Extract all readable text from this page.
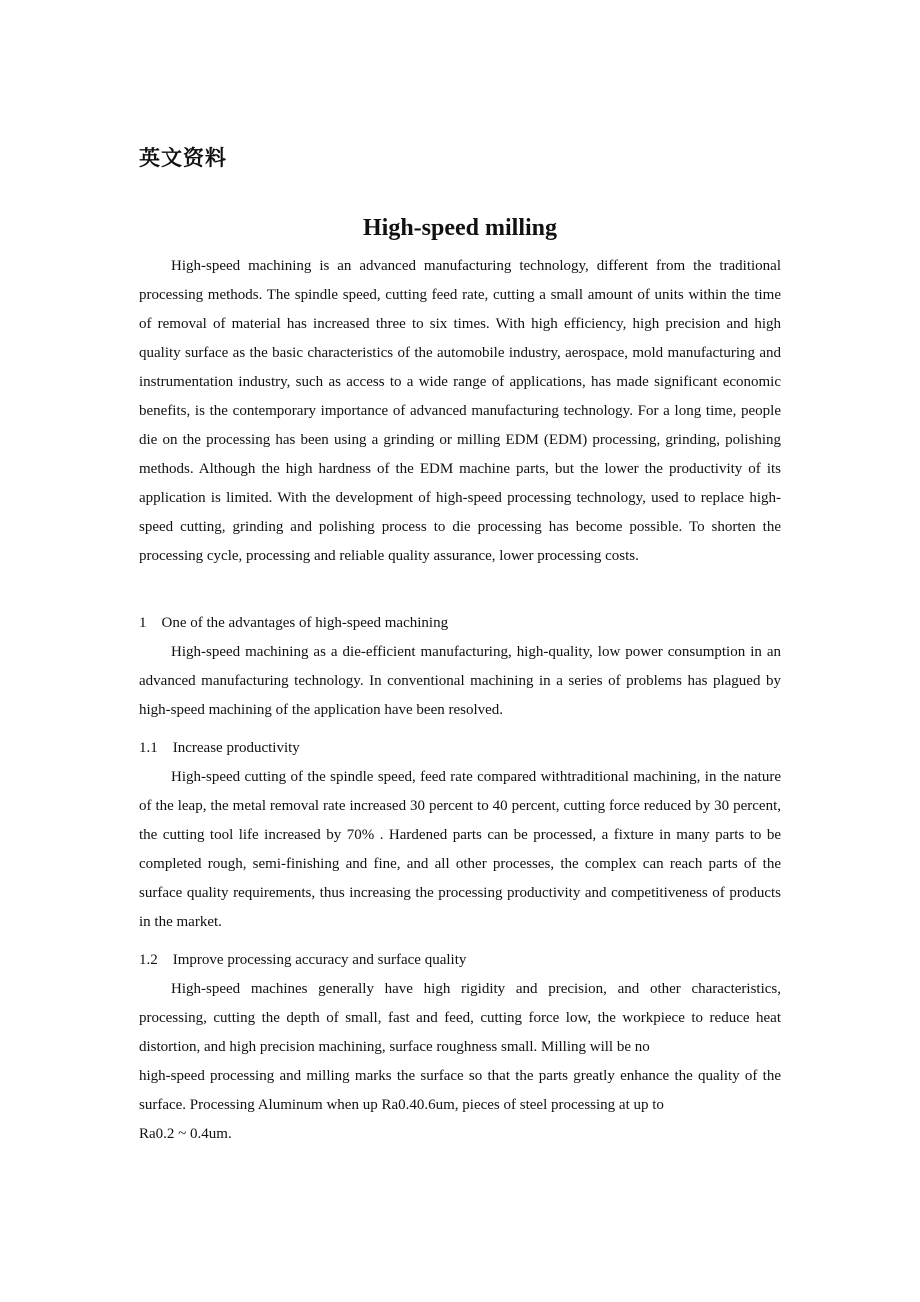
英文资料
High-speed milling

High-speed machining is an advanced manufacturing technology, different from the traditional processing methods. The spindle speed, cutting feed rate, cutting a small amount of units within the time of removal of material has increased three to six times. With high efficiency, high precision and high quality surface as the basic characteristics of the automobile industry, aerospace, mold manufacturing and instrumentation industry, such as access to a wide range of applications, has made significant economic benefits, is the contemporary importance of advanced manufacturing technology. For a long time, people die on the processing has been using a grinding or milling EDM (EDM) processing, grinding, polishing methods. Although the high hardness of the EDM machine parts, but the lower the productivity of its application is limited. With the development of high-speed processing technology, used to replace high-speed cutting, grinding and polishing process to die processing has become possible. To shorten the processing cycle, processing and reliable quality assurance, lower processing costs.

1 One of the advantages of high-speed machining

High-speed machining as a die-efficient manufacturing, high-quality, low power consumption in an advanced manufacturing technology. In conventional machining in a series of problems has plagued by high-speed machining of the application have been resolved.

1.1 Increase productivity

High-speed cutting of the spindle speed, feed rate compared withtraditional machining, in the nature of the leap, the metal removal rate increased 30 percent to 40 percent, cutting force reduced by 30 percent, the cutting tool life increased by 70% . Hardened parts can be processed, a fixture in many parts to be completed rough, semi-finishing and fine, and all other processes, the complex can reach parts of the surface quality requirements, thus increasing the processing productivity and competitiveness of products in the market.

1.2 Improve processing accuracy and surface quality

High-speed machines generally have high rigidity and precision, and other characteristics, processing, cutting the depth of small, fast and feed, cutting force low, the workpiece to reduce heat distortion, and high precision machining, surface roughness small. Milling will be no

high-speed processing and milling marks the surface so that the parts greatly enhance the quality of the surface. Processing Aluminum when up Ra0.40.6um, pieces of steel processing at up to

Ra0.2 ~ 0.4um.
